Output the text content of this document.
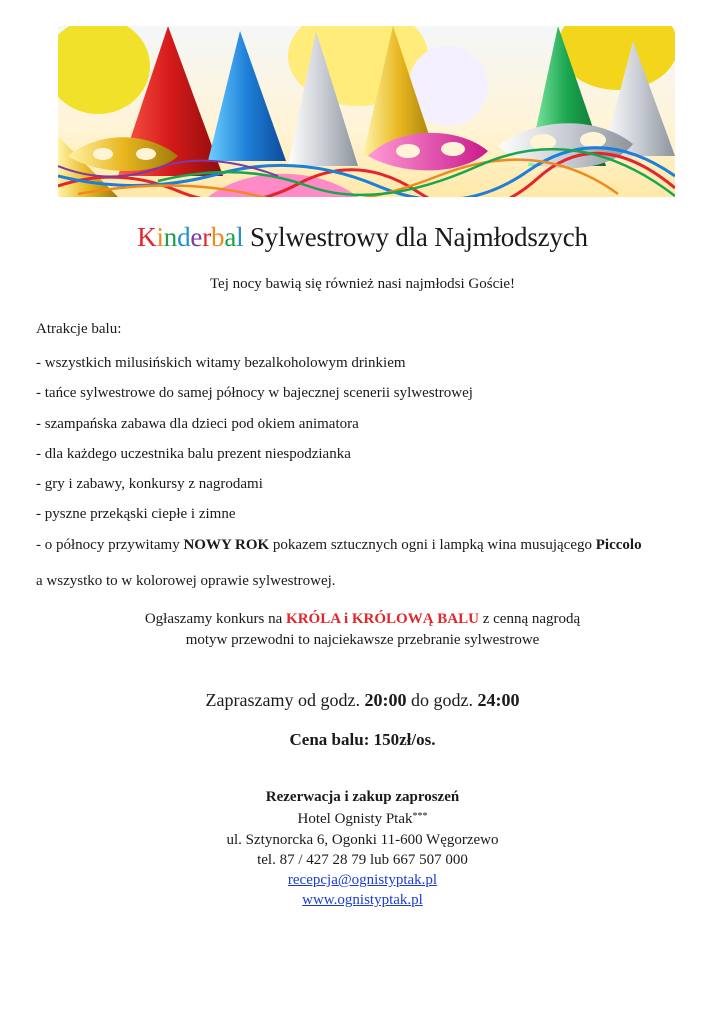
Kinderbal Sylwestrowy dla Najmłodszych
Tej nocy bawią się również nasi najmłodsi Goście!
Atrakcje balu:
- wszystkich milusińskich witamy bezalkoholowym drinkiem
- tańce sylwestrowe do samej północy w bajecznej scenerii sylwestrowej
- szampańska zabawa dla dzieci pod okiem animatora
- dla każdego uczestnika balu prezent niespodzianka
- gry i zabawy, konkursy z nagrodami
- pyszne przekąski ciepłe i zimne
- o północy przywitamy NOWY ROK pokazem sztucznych ogni i lampką wina musującego Piccolo
a wszystko to w kolorowej oprawie sylwestrowej.
Ogłaszamy konkurs na KRÓLA i KRÓLOWĄ BALU z cenną nagrodą
motyw przewodni to najciekawsze przebranie sylwestrowe
Zapraszamy od godz. 20:00 do godz. 24:00
Cena balu: 150zł/os.
Rezerwacja i zakup zaproszeń
Hotel Ognisty Ptak***
ul. Sztynorcka 6, Ogonki 11-600 Węgorzewo
tel. 87 / 427 28 79 lub 667 507 000
recepcja@ognistyptak.pl
www.ognistyptak.pl
